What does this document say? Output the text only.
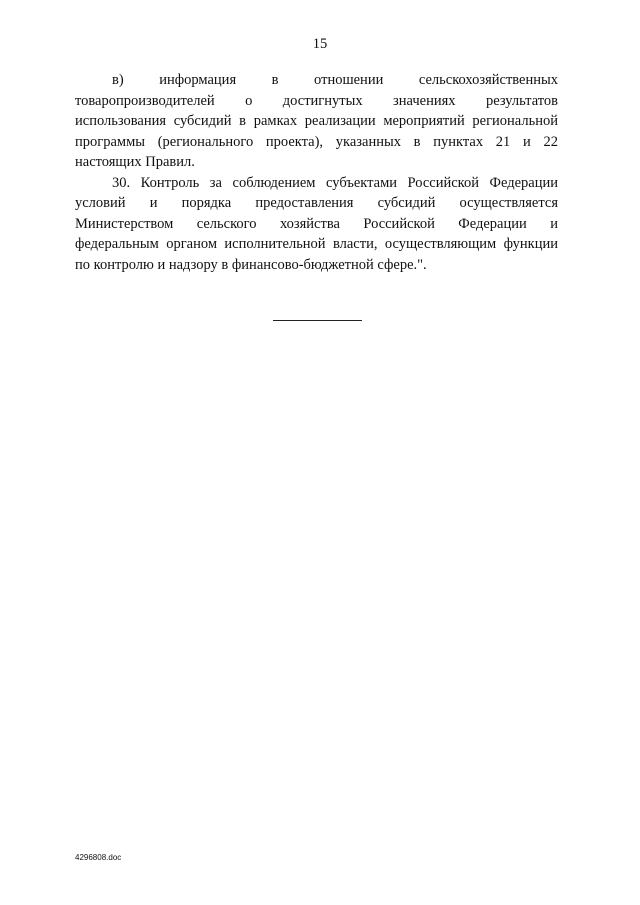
15

в) информация в отношении сельскохозяйственных
товаропроизводителей о достигнутых значениях результатов
использования субсидий в рамках реализации мероприятий региональной
программы (регионального проекта), указанных в пунктах 21 и 22
настоящих Правил.

30. Контроль за соблюдением субъектами Российской Федерации
условий и порядка предоставления субсидий осуществляется
Министерством сельского хозяйства Российской Федерации и
федеральным органом исполнительной власти, осуществляющим функции
по контролю и надзору в финансово-бюджетной сфере.".

4296808.doc
